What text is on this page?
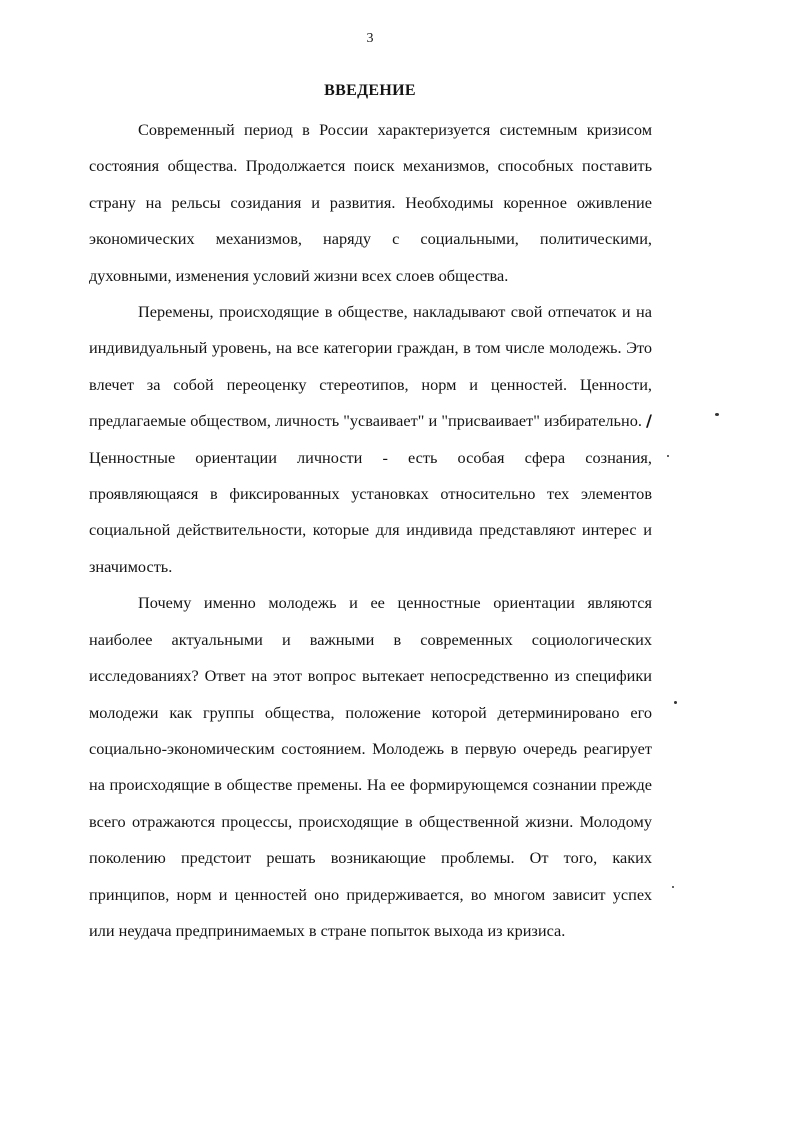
3
ВВЕДЕНИЕ

Современный период в России характеризуется системным кризисом состояния общества. Продолжается поиск механизмов, способных поставить страну на рельсы созидания и развития. Необходимы коренное оживление экономических механизмов, наряду с социальными, политическими, духовными, изменения условий жизни всех слоев общества.

Перемены, происходящие в обществе, накладывают свой отпечаток и на индивидуальный уровень, на все категории граждан, в том числе молодежь. Это влечет за собой переоценку стереотипов, норм и ценностей. Ценности, предлагаемые обществом, личность "усваивает" и "присваивает" избирательно. / Ценностные ориентации личности - есть особая сфера сознания, проявляющаяся в фиксированных установках относительно тех элементов социальной действительности, которые для индивида представляют интерес и значимость.

Почему именно молодежь и ее ценностные ориентации являются наиболее актуальными и важными в современных социологических исследованиях? Ответ на этот вопрос вытекает непосредственно из специфики молодежи как группы общества, положение которой детерминировано его социально-экономическим состоянием. Молодежь в первую очередь реагирует на происходящие в обществе премены. На ее формирующемся сознании прежде всего отражаются процессы, происходящие в общественной жизни. Молодому поколению предстоит решать возникающие проблемы. От того, каких принципов, норм и ценностей оно придерживается, во многом зависит успех или неудача предпринимаемых в стране попыток выхода из кризиса.
